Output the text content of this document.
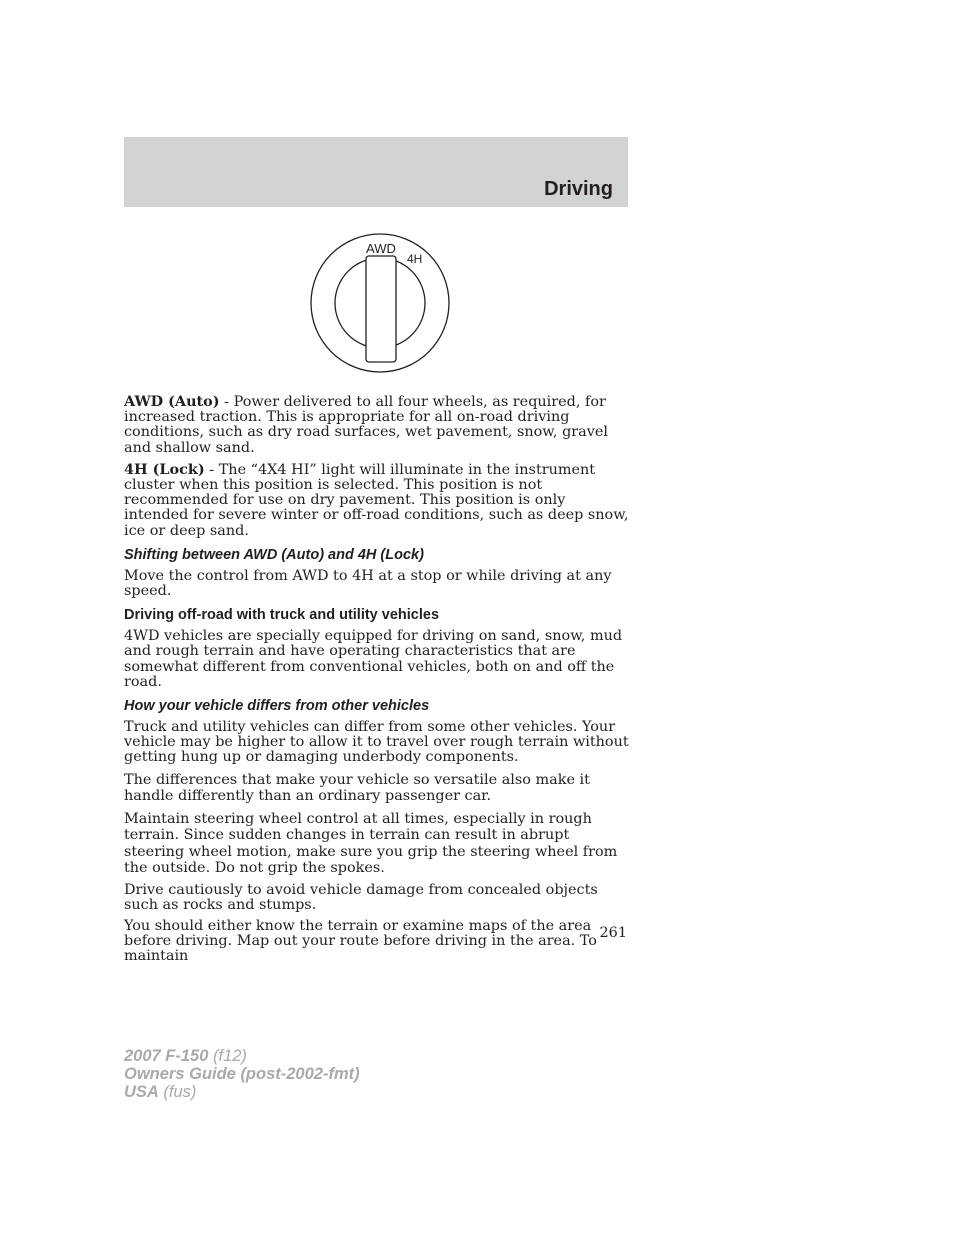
Driving
AWD
4H

AWD (Auto) - Power delivered to all four wheels, as required, for increased traction. This is appropriate for all on-road driving conditions, such as dry road surfaces, wet pavement, snow, gravel and shallow sand.

4H (Lock) - The “4X4 HI” light will illuminate in the instrument cluster when this position is selected. This position is not recommended for use on dry pavement. This position is only intended for severe winter or off-road conditions, such as deep snow, ice or deep sand.

Shifting between AWD (Auto) and 4H (Lock)

Move the control from AWD to 4H at a stop or while driving at any speed.

Driving off-road with truck and utility vehicles

4WD vehicles are specially equipped for driving on sand, snow, mud and rough terrain and have operating characteristics that are somewhat different from conventional vehicles, both on and off the road.

How your vehicle differs from other vehicles

Truck and utility vehicles can differ from some other vehicles. Your vehicle may be higher to allow it to travel over rough terrain without getting hung up or damaging underbody components.

The differences that make your vehicle so versatile also make it handle differently than an ordinary passenger car.

Maintain steering wheel control at all times, especially in rough terrain. Since sudden changes in terrain can result in abrupt steering wheel motion, make sure you grip the steering wheel from the outside. Do not grip the spokes.

Drive cautiously to avoid vehicle damage from concealed objects such as rocks and stumps.

You should either know the terrain or examine maps of the area before driving. Map out your route before driving in the area. To maintain

261
2007 F-150 (f12)
Owners Guide (post-2002-fmt)
USA (fus)
